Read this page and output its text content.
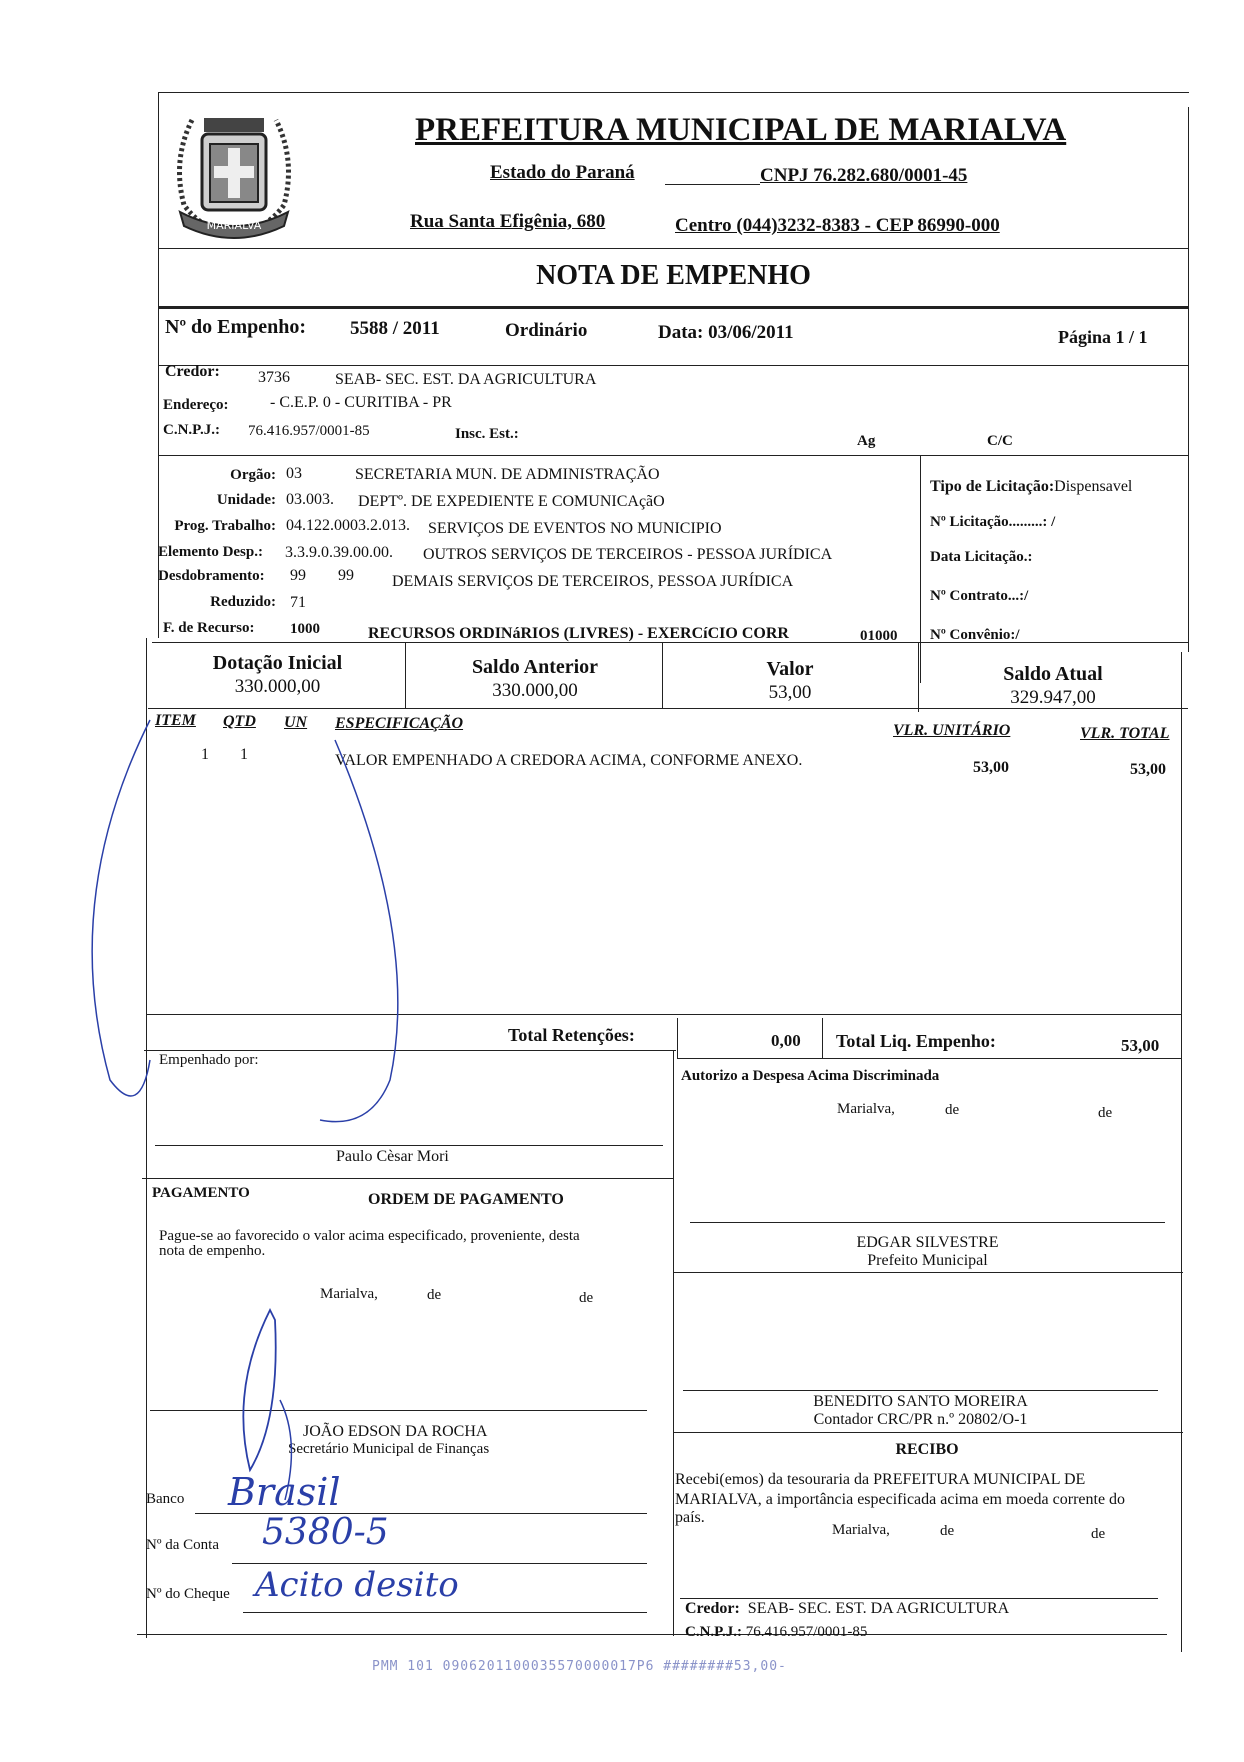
MARIALVA
PREFEITURA MUNICIPAL DE MARIALVA
Estado do Paraná	CNPJ 76.282.680/0001-45
Rua Santa Efigênia, 680	Centro (044)3232-8383 - CEP 86990-000
NOTA DE EMPENHO
Nº do Empenho: 5588 / 2011	Ordinário	Data: 03/06/2011	Página 1 / 1
Credor: 3736	SEAB- SEC. EST. DA AGRICULTURA
Endereço:	- C.E.P. 0 - CURITIBA - PR
C.N.P.J.: 76.416.957/0001-85	Insc. Est.:	Ag	C/C
Orgão: 03	SECRETARIA MUN. DE ADMINISTRAÇÃO
Unidade: 03.003. DEPTº. DE EXPEDIENTE E COMUNICAçãO
Prog. Trabalho: 04.122.0003.2.013. SERVIÇOS DE EVENTOS NO MUNICIPIO
Elemento Desp.: 3.3.9.0.39.00.00. OUTROS SERVIÇOS DE TERCEIROS - PESSOA JURÍDICA
Desdobramento: 99 99 DEMAIS SERVIÇOS DE TERCEIROS, PESSOA JURÍDICA
Reduzido: 71
F. de Recurso: 1000	RECURSOS ORDINáRIOS (LIVRES) - EXERCíCIO CORR	01000
Tipo de Licitação:Dispensavel
Nº Licitação.........: /
Data Licitação.:
Nº Contrato...:/
Nº Convênio:/
Dotação Inicial
330.000,00
Saldo Anterior
330.000,00
Valor
53,00
Saldo Atual
329.947,00
ITEM QTD UN ESPECIFICAÇÃO	VLR. UNITÁRIO	VLR. TOTAL
1 1	VALOR EMPENHADO A CREDORA ACIMA, CONFORME ANEXO.	53,00	53,00
Total Retenções:	0,00 Total Liq. Empenho:	53,00
Empenhado por:
Paulo Cèsar Mori
Autorizo a Despesa Acima Discriminada
Marialva,	de	de
EDGAR SILVESTRE
Prefeito Municipal
PAGAMENTO	ORDEM DE PAGAMENTO
Pague-se ao favorecido o valor acima especificado, proveniente, desta
nota de empenho.
Marialva,	de	de
JOÃO EDSON DA ROCHA
Secretário Municipal de Finanças
BENEDITO SANTO MOREIRA
Contador CRC/PR n.º 20802/O-1
Banco Brasil
Nº da Conta 5380-5
Nº do Cheque Acito desito
RECIBO
Recebi(emos) da tesouraria da PREFEITURA MUNICIPAL DE
MARIALVA, a importância especificada acima em moeda corrente do
país.
Marialva,	de	de
Credor: SEAB- SEC. EST. DA AGRICULTURA
C.N.P.J.: 76.416.957/0001-85
PMM 101 0906201100035570000017P6 ########53,00-
